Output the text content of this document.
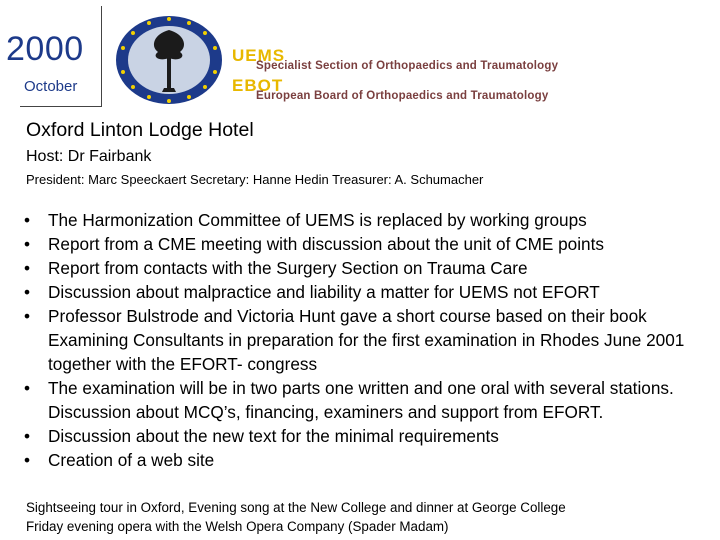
2000
October
UEMS
Specialist Section of Orthopaedics and Traumatology
EBOT
European Board of Orthopaedics and Traumatology
Oxford Linton Lodge Hotel
Host: Dr Fairbank
President: Marc Speeckaert Secretary: Hanne Hedin Treasurer: A. Schumacher
• The Harmonization Committee of UEMS is replaced by working groups
• Report from a CME meeting with discussion about the unit of CME points
• Report from contacts with the Surgery Section on Trauma Care
• Discussion about malpractice and liability a matter for UEMS not EFORT
• Professor Bulstrode and Victoria Hunt gave a short course based on their book Examining Consultants in preparation for the first examination in Rhodes June 2001 together with the EFORT- congress
• The examination will be in two parts one written and one oral with several stations. Discussion about MCQ’s, financing, examiners and support from EFORT.
• Discussion about the new text for the minimal requirements
• Creation of a web site
Sightseeing tour in Oxford, Evening song at the New College and dinner at George College
Friday evening opera with the Welsh Opera Company (Spader Madam)
